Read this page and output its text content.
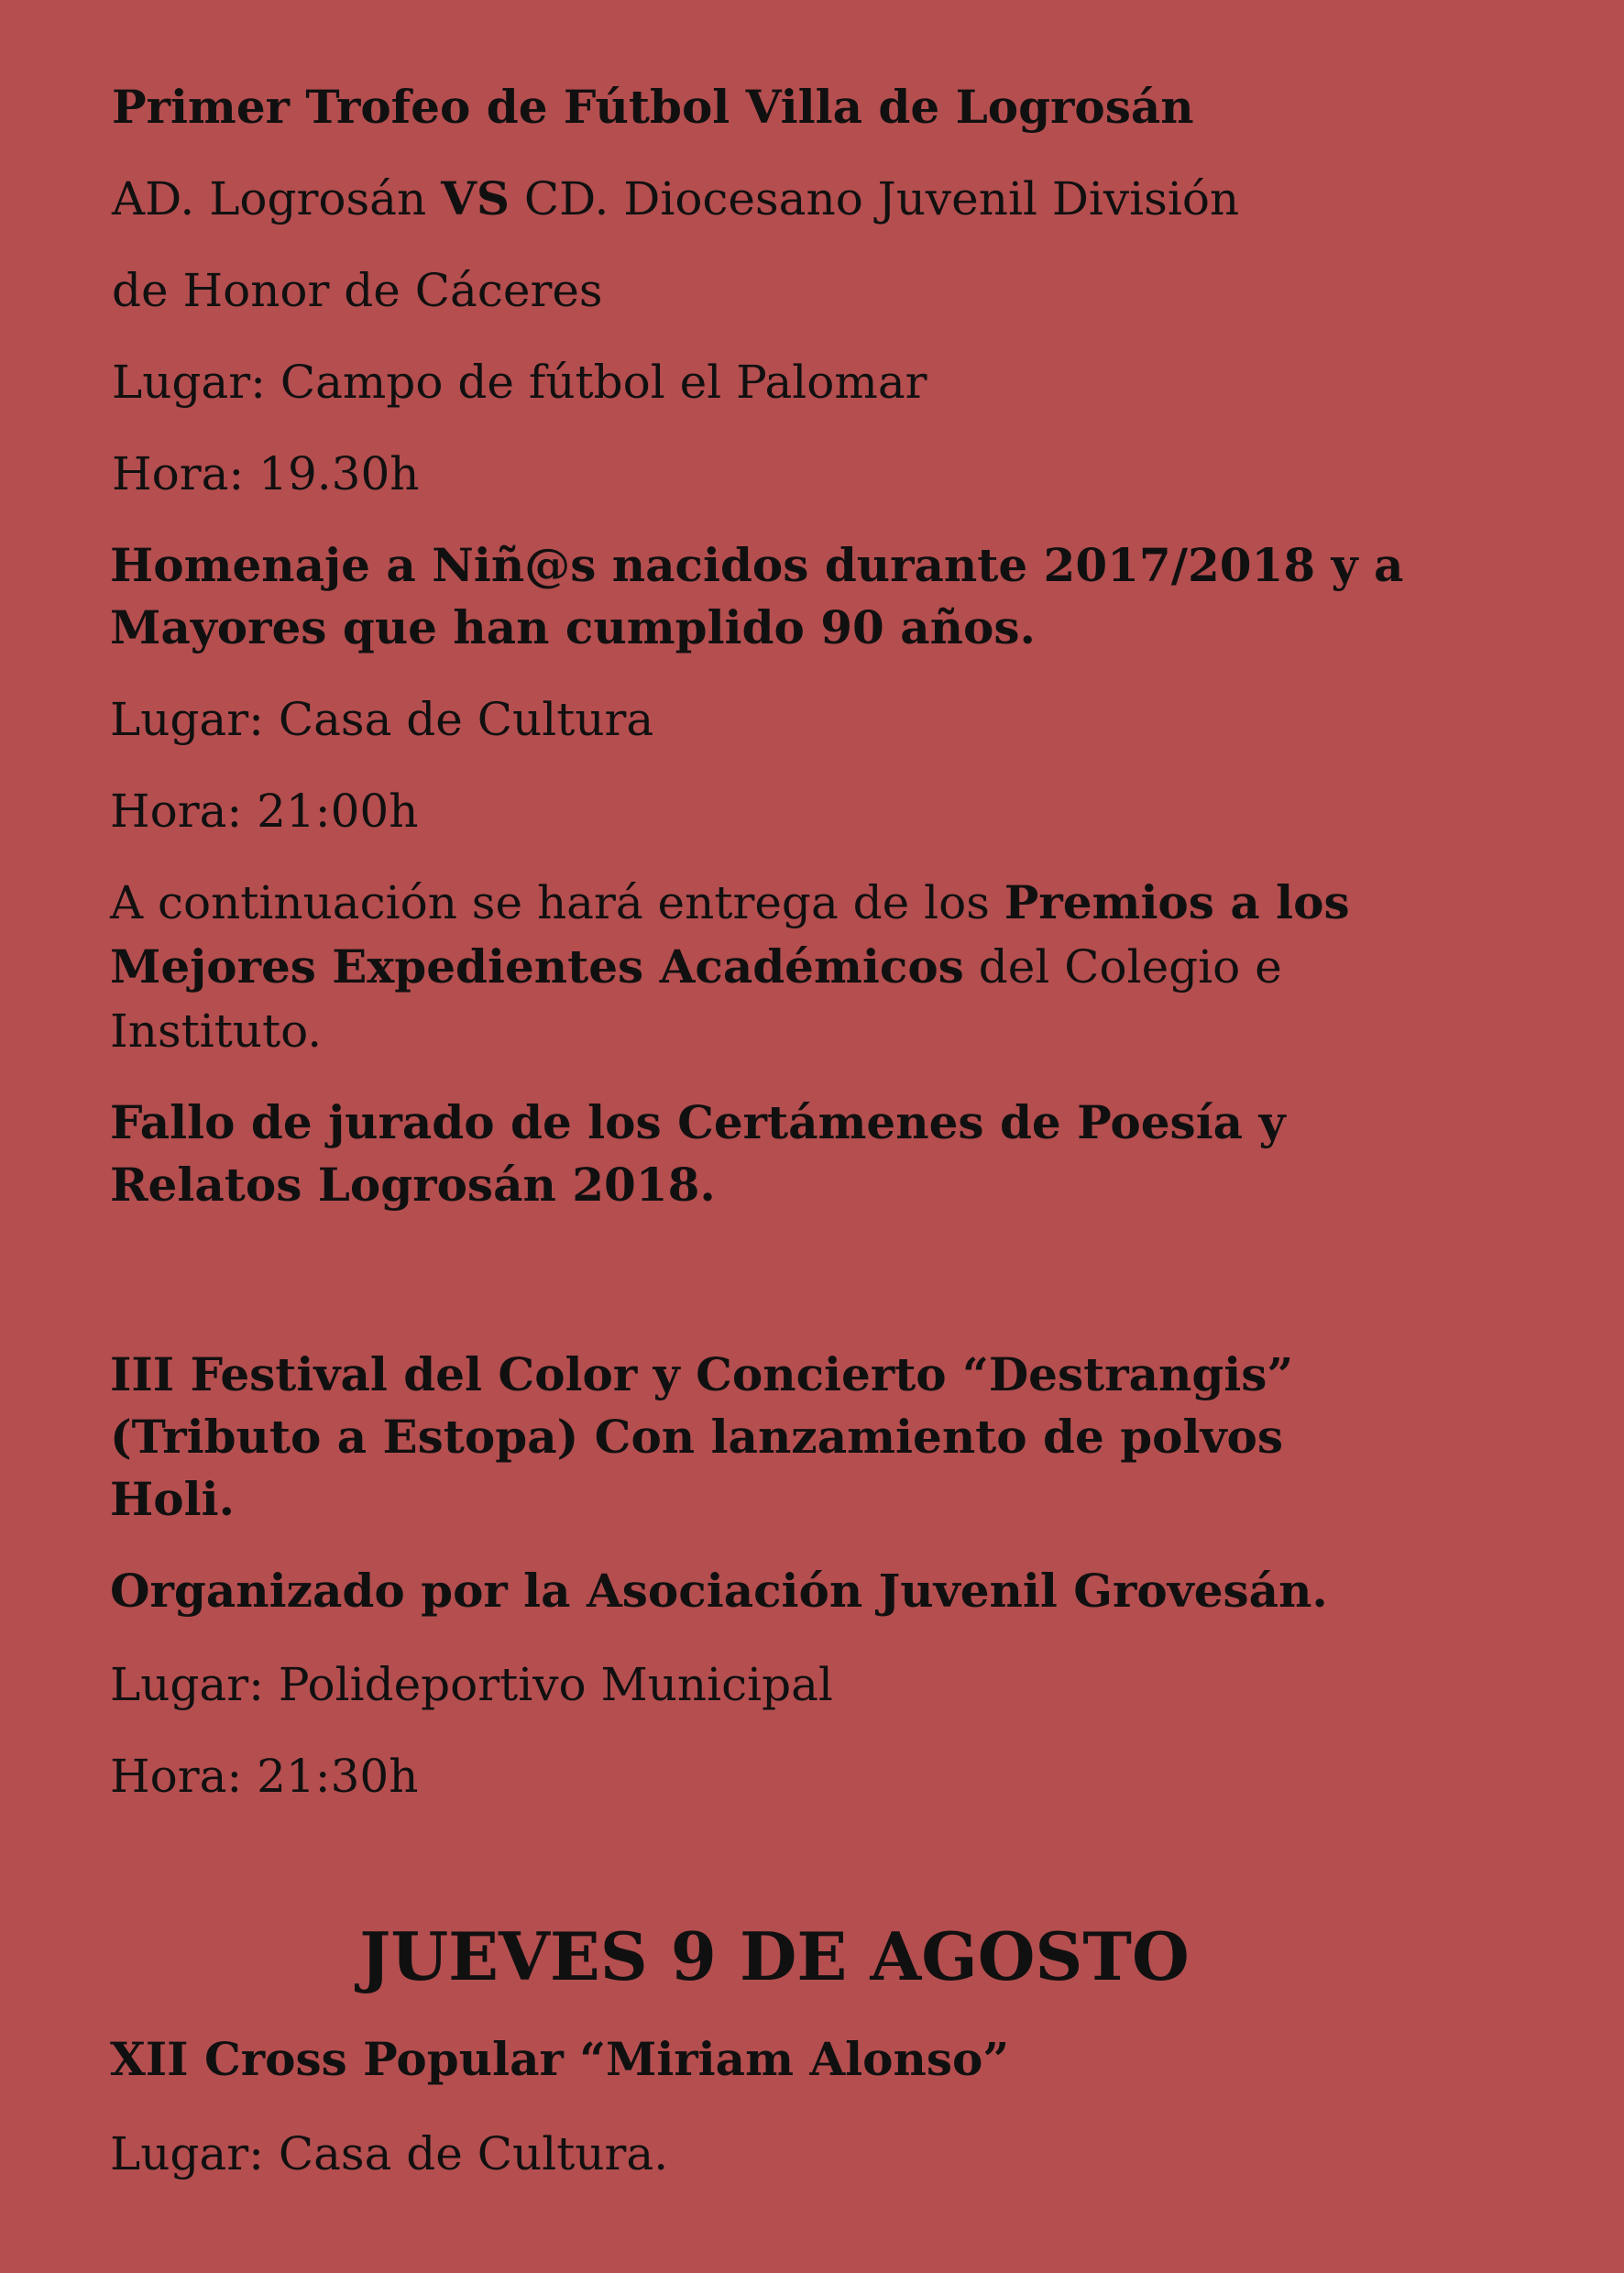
Primer Trofeo de Fútbol Villa de Logrosán

AD. Logrosán VS CD. Diocesano Juvenil División

de Honor de Cáceres

Lugar: Campo de fútbol el Palomar

Hora: 19.30h

Homenaje a Niñ@s nacidos durante 2017/2018 y a

Mayores que han cumplido 90 años.

Lugar: Casa de Cultura

Hora: 21:00h

A continuación se hará entrega de los Premios a los

Mejores Expedientes Académicos del Colegio e

Instituto.

Fallo de jurado de los Certámenes de Poesía y

Relatos Logrosán 2018.

III Festival del Color y Concierto “Destrangis”

(Tributo a Estopa) Con lanzamiento de polvos

Holi.

Organizado por la Asociación Juvenil Grovesán.

Lugar: Polideportivo Municipal

Hora: 21:30h

JUEVES 9 DE AGOSTO

XII Cross Popular “Miriam Alonso”

Lugar: Casa de Cultura.
